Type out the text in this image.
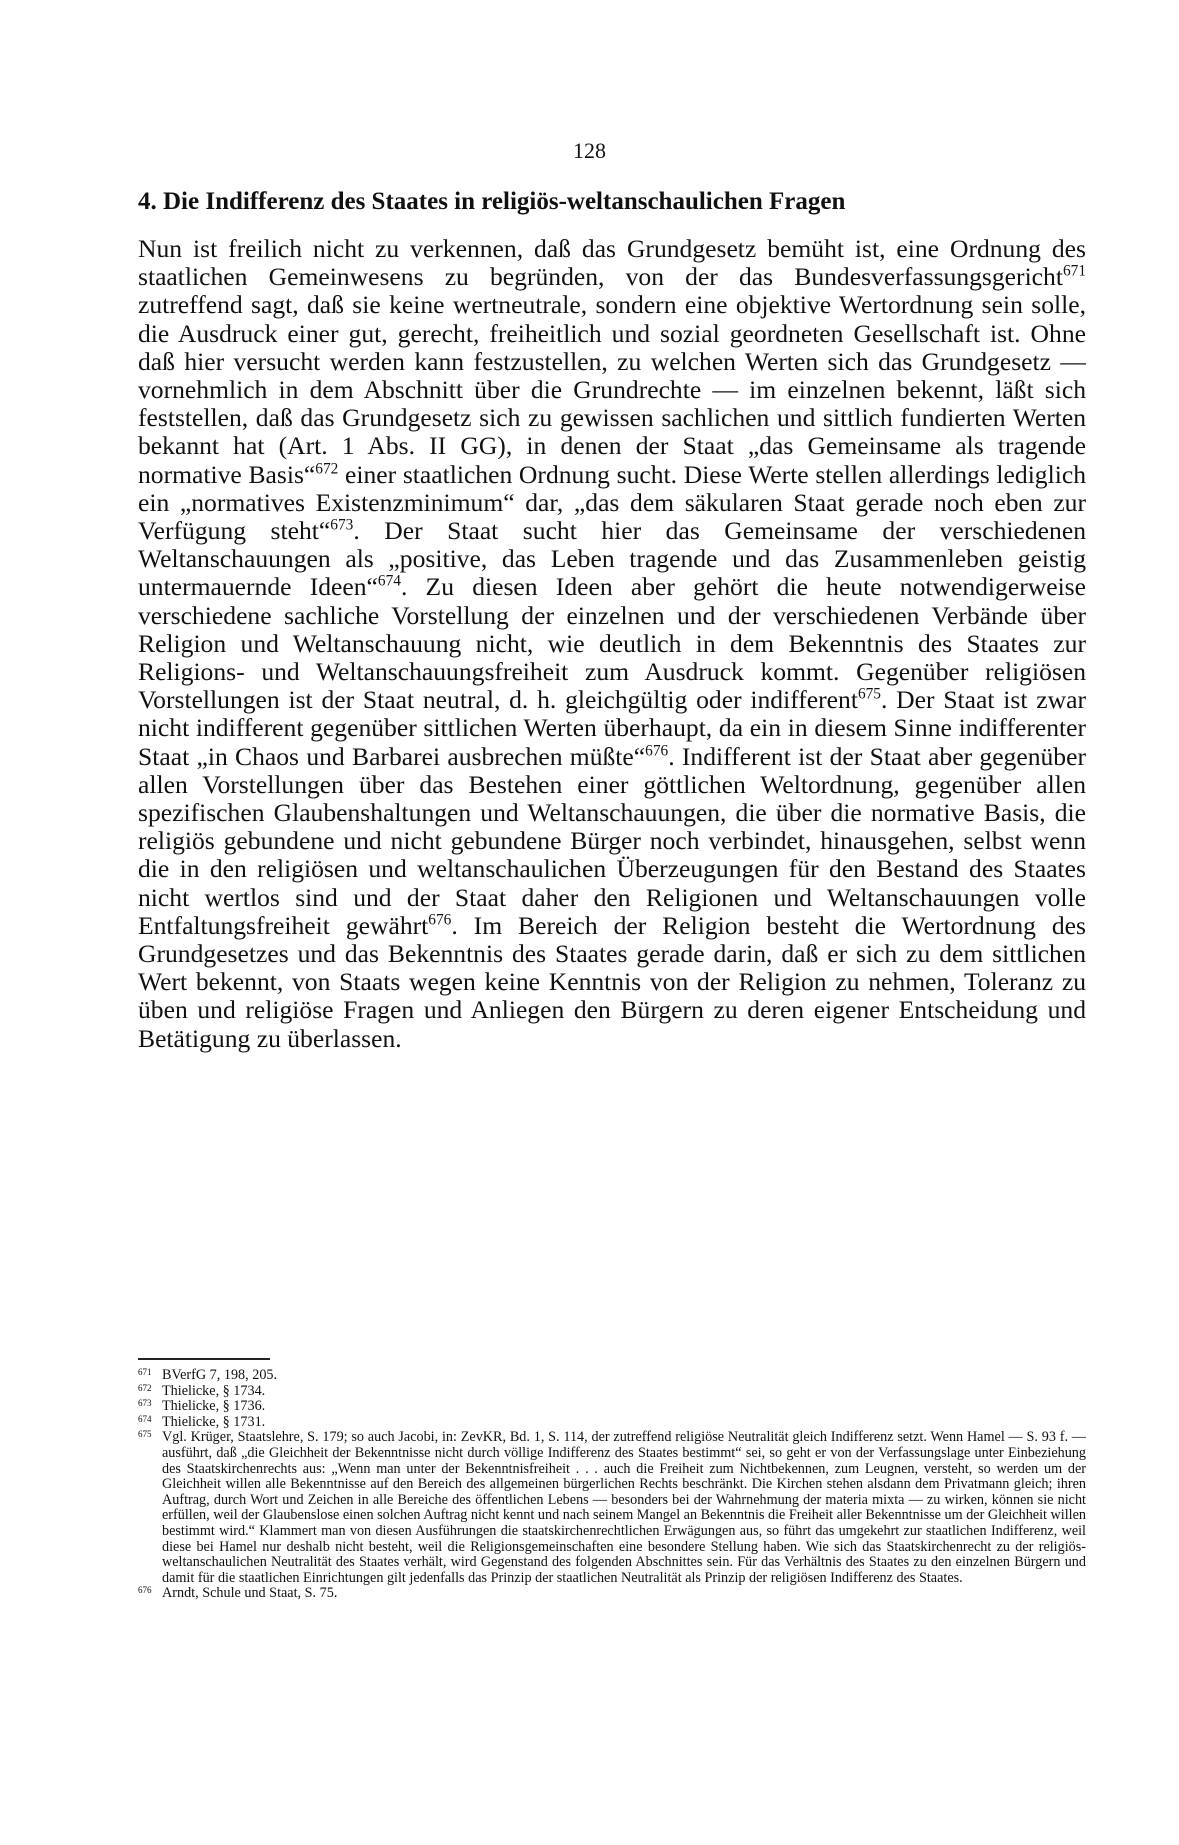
128
4. Die Indifferenz des Staates in religiös-weltanschaulichen Fragen

Nun ist freilich nicht zu verkennen, daß das Grundgesetz bemüht ist, eine Ordnung des staatlichen Gemeinwesens zu begründen, von der das Bundesverfassungsgericht$^{671}$ zutreffend sagt, daß sie keine wertneutrale, sondern eine objektive Wertordnung sein solle, die Ausdruck einer gut, gerecht, freiheitlich und sozial geordneten Gesellschaft ist. Ohne daß hier versucht werden kann festzustellen, zu welchen Werten sich das Grundgesetz — vornehmlich in dem Abschnitt über die Grundrechte — im einzelnen bekennt, läßt sich feststellen, daß das Grundgesetz sich zu gewissen sachlichen und sittlich fundierten Werten bekannt hat (Art. 1 Abs. II GG), in denen der Staat „das Gemeinsame als tragende normative Basis“$^{672}$ einer staatlichen Ordnung sucht. Diese Werte stellen allerdings lediglich ein „normatives Existenzminimum“ dar, „das dem säkularen Staat gerade noch eben zur Verfügung steht“$^{673}$. Der Staat sucht hier das Gemeinsame der verschiedenen Weltanschauungen als „positive, das Leben tragende und das Zusammenleben geistig untermauernde Ideen“$^{674}$. Zu diesen Ideen aber gehört die heute notwendigerweise verschiedene sachliche Vorstellung der einzelnen und der verschiedenen Verbände über Religion und Weltanschauung nicht, wie deutlich in dem Bekenntnis des Staates zur Religions- und Weltanschauungsfreiheit zum Ausdruck kommt. Gegenüber religiösen Vorstellungen ist der Staat neutral, d. h. gleichgültig oder indifferent$^{675}$. Der Staat ist zwar nicht indifferent gegenüber sittlichen Werten überhaupt, da ein in diesem Sinne indifferenter Staat „in Chaos und Barbarei ausbrechen müßte“$^{676}$. Indifferent ist der Staat aber gegenüber allen Vorstellungen über das Bestehen einer göttlichen Weltordnung, gegenüber allen spezifischen Glaubenshaltungen und Weltanschauungen, die über die normative Basis, die religiös gebundene und nicht gebundene Bürger noch verbindet, hinausgehen, selbst wenn die in den religiösen und weltanschaulichen Überzeugungen für den Bestand des Staates nicht wertlos sind und der Staat daher den Religionen und Weltanschauungen volle Entfaltungsfreiheit gewährt$^{676}$. Im Bereich der Religion besteht die Wertordnung des Grundgesetzes und das Bekenntnis des Staates gerade darin, daß er sich zu dem sittlichen Wert bekennt, von Staats wegen keine Kenntnis von der Religion zu nehmen, Toleranz zu üben und religiöse Fragen und Anliegen den Bürgern zu deren eigener Entscheidung und Betätigung zu überlassen.

671 BVerfG 7, 198, 205.

672 Thielicke, § 1734.

673 Thielicke, § 1736.

674 Thielicke, § 1731.

675 Vgl. Krüger, Staatslehre, S. 179; so auch Jacobi, in: ZevKR, Bd. 1, S. 114, der zutreffend religiöse Neutralität gleich Indifferenz setzt. Wenn Hamel — S. 93 f. — ausführt, daß „die Gleichheit der Bekenntnisse nicht durch völlige Indifferenz des Staates bestimmt“ sei, so geht er von der Verfassungslage unter Einbeziehung des Staatskirchenrechts aus: „Wenn man unter der Bekenntnisfreiheit . . . auch die Freiheit zum Nichtbekennen, zum Leugnen, versteht, so werden um der Gleichheit willen alle Bekenntnisse auf den Bereich des allgemeinen bürgerlichen Rechts beschränkt. Die Kirchen stehen alsdann dem Privatmann gleich; ihren Auftrag, durch Wort und Zeichen in alle Bereiche des öffentlichen Lebens — besonders bei der Wahrnehmung der materia mixta — zu wirken, können sie nicht erfüllen, weil der Glaubenslose einen solchen Auftrag nicht kennt und nach seinem Mangel an Bekenntnis die Freiheit aller Bekenntnisse um der Gleichheit willen bestimmt wird.“ Klammert man von diesen Ausführungen die staatskirchenrechtlichen Erwägungen aus, so führt das umgekehrt zur staatlichen Indifferenz, weil diese bei Hamel nur deshalb nicht besteht, weil die Religionsgemeinschaften eine besondere Stellung haben. Wie sich das Staatskirchenrecht zu der religiös-weltanschaulichen Neutralität des Staates verhält, wird Gegenstand des folgenden Abschnittes sein. Für das Verhältnis des Staates zu den einzelnen Bürgern und damit für die staatlichen Einrichtungen gilt jedenfalls das Prinzip der staatlichen Neutralität als Prinzip der religiösen Indifferenz des Staates.

676 Arndt, Schule und Staat, S. 75.
